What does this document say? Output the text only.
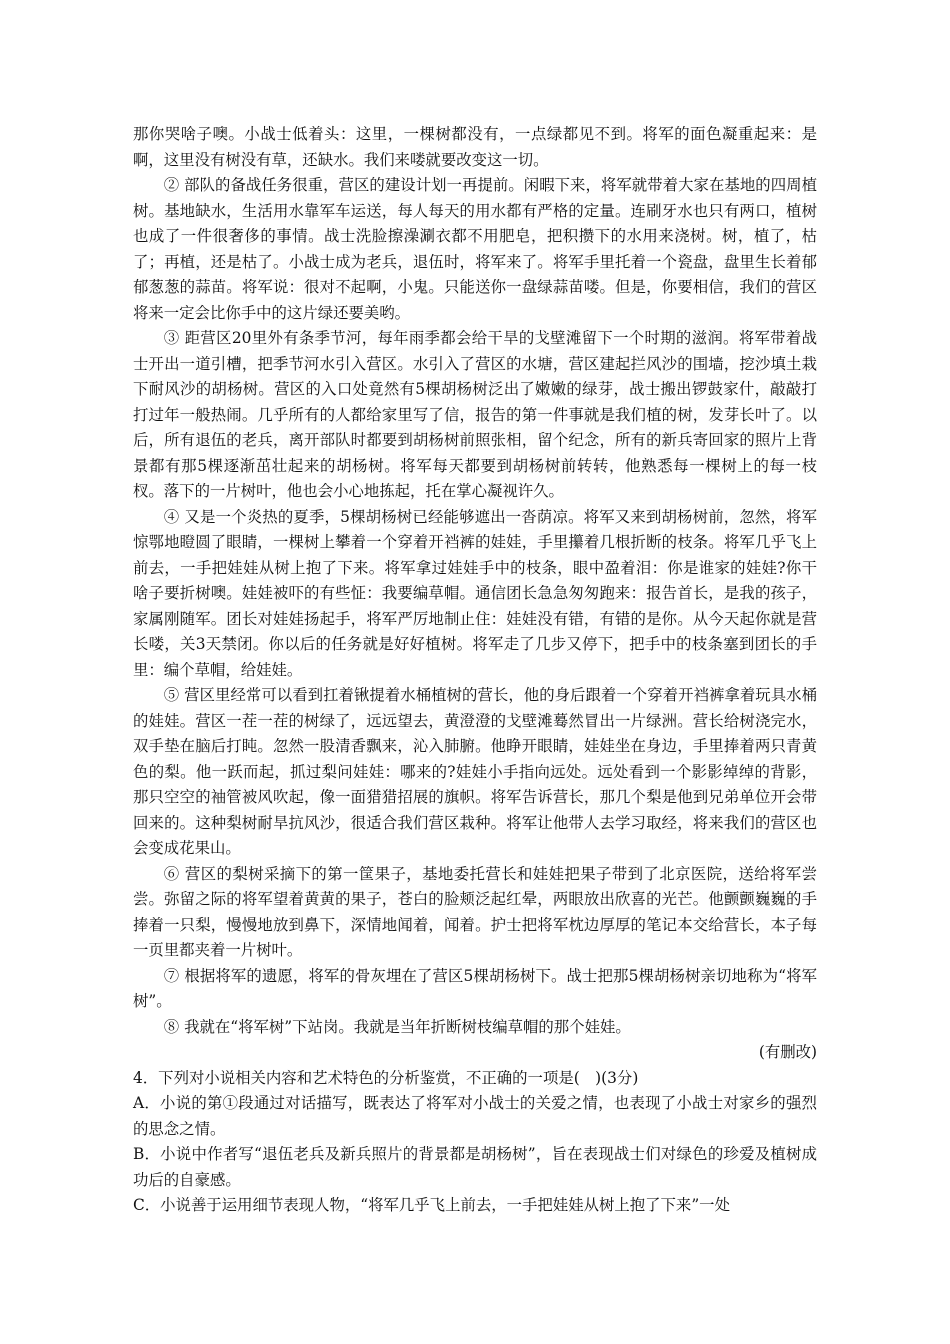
那你哭啥子噢。小战士低着头：这里，一棵树都没有，一点绿都见不到。将军的面色凝重起来：是啊，这里没有树没有草，还缺水。我们来喽就要改变这一切。

② 部队的备战任务很重，营区的建设计划一再提前。闲暇下来，将军就带着大家在基地的四周植树。基地缺水，生活用水靠军车运送，每人每天的用水都有严格的定量。连刷牙水也只有两口，植树也成了一件很奢侈的事情。战士洗脸擦澡涮衣都不用肥皂，把积攒下的水用来浇树。树，植了，枯了；再植，还是枯了。小战士成为老兵，退伍时，将军来了。将军手里托着一个瓷盘，盘里生长着郁郁葱葱的蒜苗。将军说：很对不起啊，小鬼。只能送你一盘绿蒜苗喽。但是，你要相信，我们的营区将来一定会比你手中的这片绿还要美哟。

③ 距营区20里外有条季节河，每年雨季都会给干旱的戈壁滩留下一个时期的滋润。将军带着战士开出一道引槽，把季节河水引入营区。水引入了营区的水塘，营区建起拦风沙的围墙，挖沙填土栽下耐风沙的胡杨树。营区的入口处竟然有5棵胡杨树泛出了嫩嫩的绿芽，战士搬出锣鼓家什，敲敲打打过年一般热闹。几乎所有的人都给家里写了信，报告的第一件事就是我们植的树，发芽长叶了。以后，所有退伍的老兵，离开部队时都要到胡杨树前照张相，留个纪念，所有的新兵寄回家的照片上背景都有那5棵逐渐茁壮起来的胡杨树。将军每天都要到胡杨树前转转，他熟悉每一棵树上的每一枝杈。落下的一片树叶，他也会小心地拣起，托在掌心凝视许久。

④ 又是一个炎热的夏季，5棵胡杨树已经能够遮出一沓荫凉。将军又来到胡杨树前，忽然，将军惊鄂地瞪圆了眼睛，一棵树上攀着一个穿着开裆裤的娃娃，手里攥着几根折断的枝条。将军几乎飞上前去，一手把娃娃从树上抱了下来。将军拿过娃娃手中的枝条，眼中盈着泪：你是谁家的娃娃?你干啥子要折树噢。娃娃被吓的有些怔：我要编草帽。通信团长急急匆匆跑来：报告首长，是我的孩子，家属刚随军。团长对娃娃扬起手，将军严厉地制止住：娃娃没有错，有错的是你。从今天起你就是营长喽，关3天禁闭。你以后的任务就是好好植树。将军走了几步又停下，把手中的枝条塞到团长的手里：编个草帽，给娃娃。

⑤ 营区里经常可以看到扛着锹提着水桶植树的营长，他的身后跟着一个穿着开裆裤拿着玩具水桶的娃娃。营区一茬一茬的树绿了，远远望去，黄澄澄的戈壁滩蓦然冒出一片绿洲。营长给树浇完水，双手垫在脑后打盹。忽然一股清香飘来，沁入肺腑。他睁开眼睛，娃娃坐在身边，手里捧着两只青黄色的梨。他一跃而起，抓过梨问娃娃：哪来的?娃娃小手指向远处。远处看到一个影影绰绰的背影，那只空空的袖管被风吹起，像一面猎猎招展的旗帜。将军告诉营长，那几个梨是他到兄弟单位开会带回来的。这种梨树耐旱抗风沙，很适合我们营区栽种。将军让他带人去学习取经，将来我们的营区也会变成花果山。

⑥ 营区的梨树采摘下的第一筐果子，基地委托营长和娃娃把果子带到了北京医院，送给将军尝尝。弥留之际的将军望着黄黄的果子，苍白的脸颊泛起红晕，两眼放出欣喜的光芒。他颤颤巍巍的手捧着一只梨，慢慢地放到鼻下，深情地闻着，闻着。护士把将军枕边厚厚的笔记本交给营长，本子每一页里都夹着一片树叶。

⑦ 根据将军的遗愿，将军的骨灰埋在了营区5棵胡杨树下。战士把那5棵胡杨树亲切地称为“将军树”。

⑧ 我就在“将军树”下站岗。我就是当年折断树枝编草帽的那个娃娃。

(有删改)

4．下列对小说相关内容和艺术特色的分析鉴赏，不正确的一项是(　)(3分)

A．小说的第①段通过对话描写，既表达了将军对小战士的关爱之情，也表现了小战士对家乡的强烈的思念之情。

B．小说中作者写“退伍老兵及新兵照片的背景都是胡杨树”，旨在表现战士们对绿色的珍爱及植树成功后的自豪感。

C．小说善于运用细节表现人物，“将军几乎飞上前去，一手把娃娃从树上抱了下来”一处
